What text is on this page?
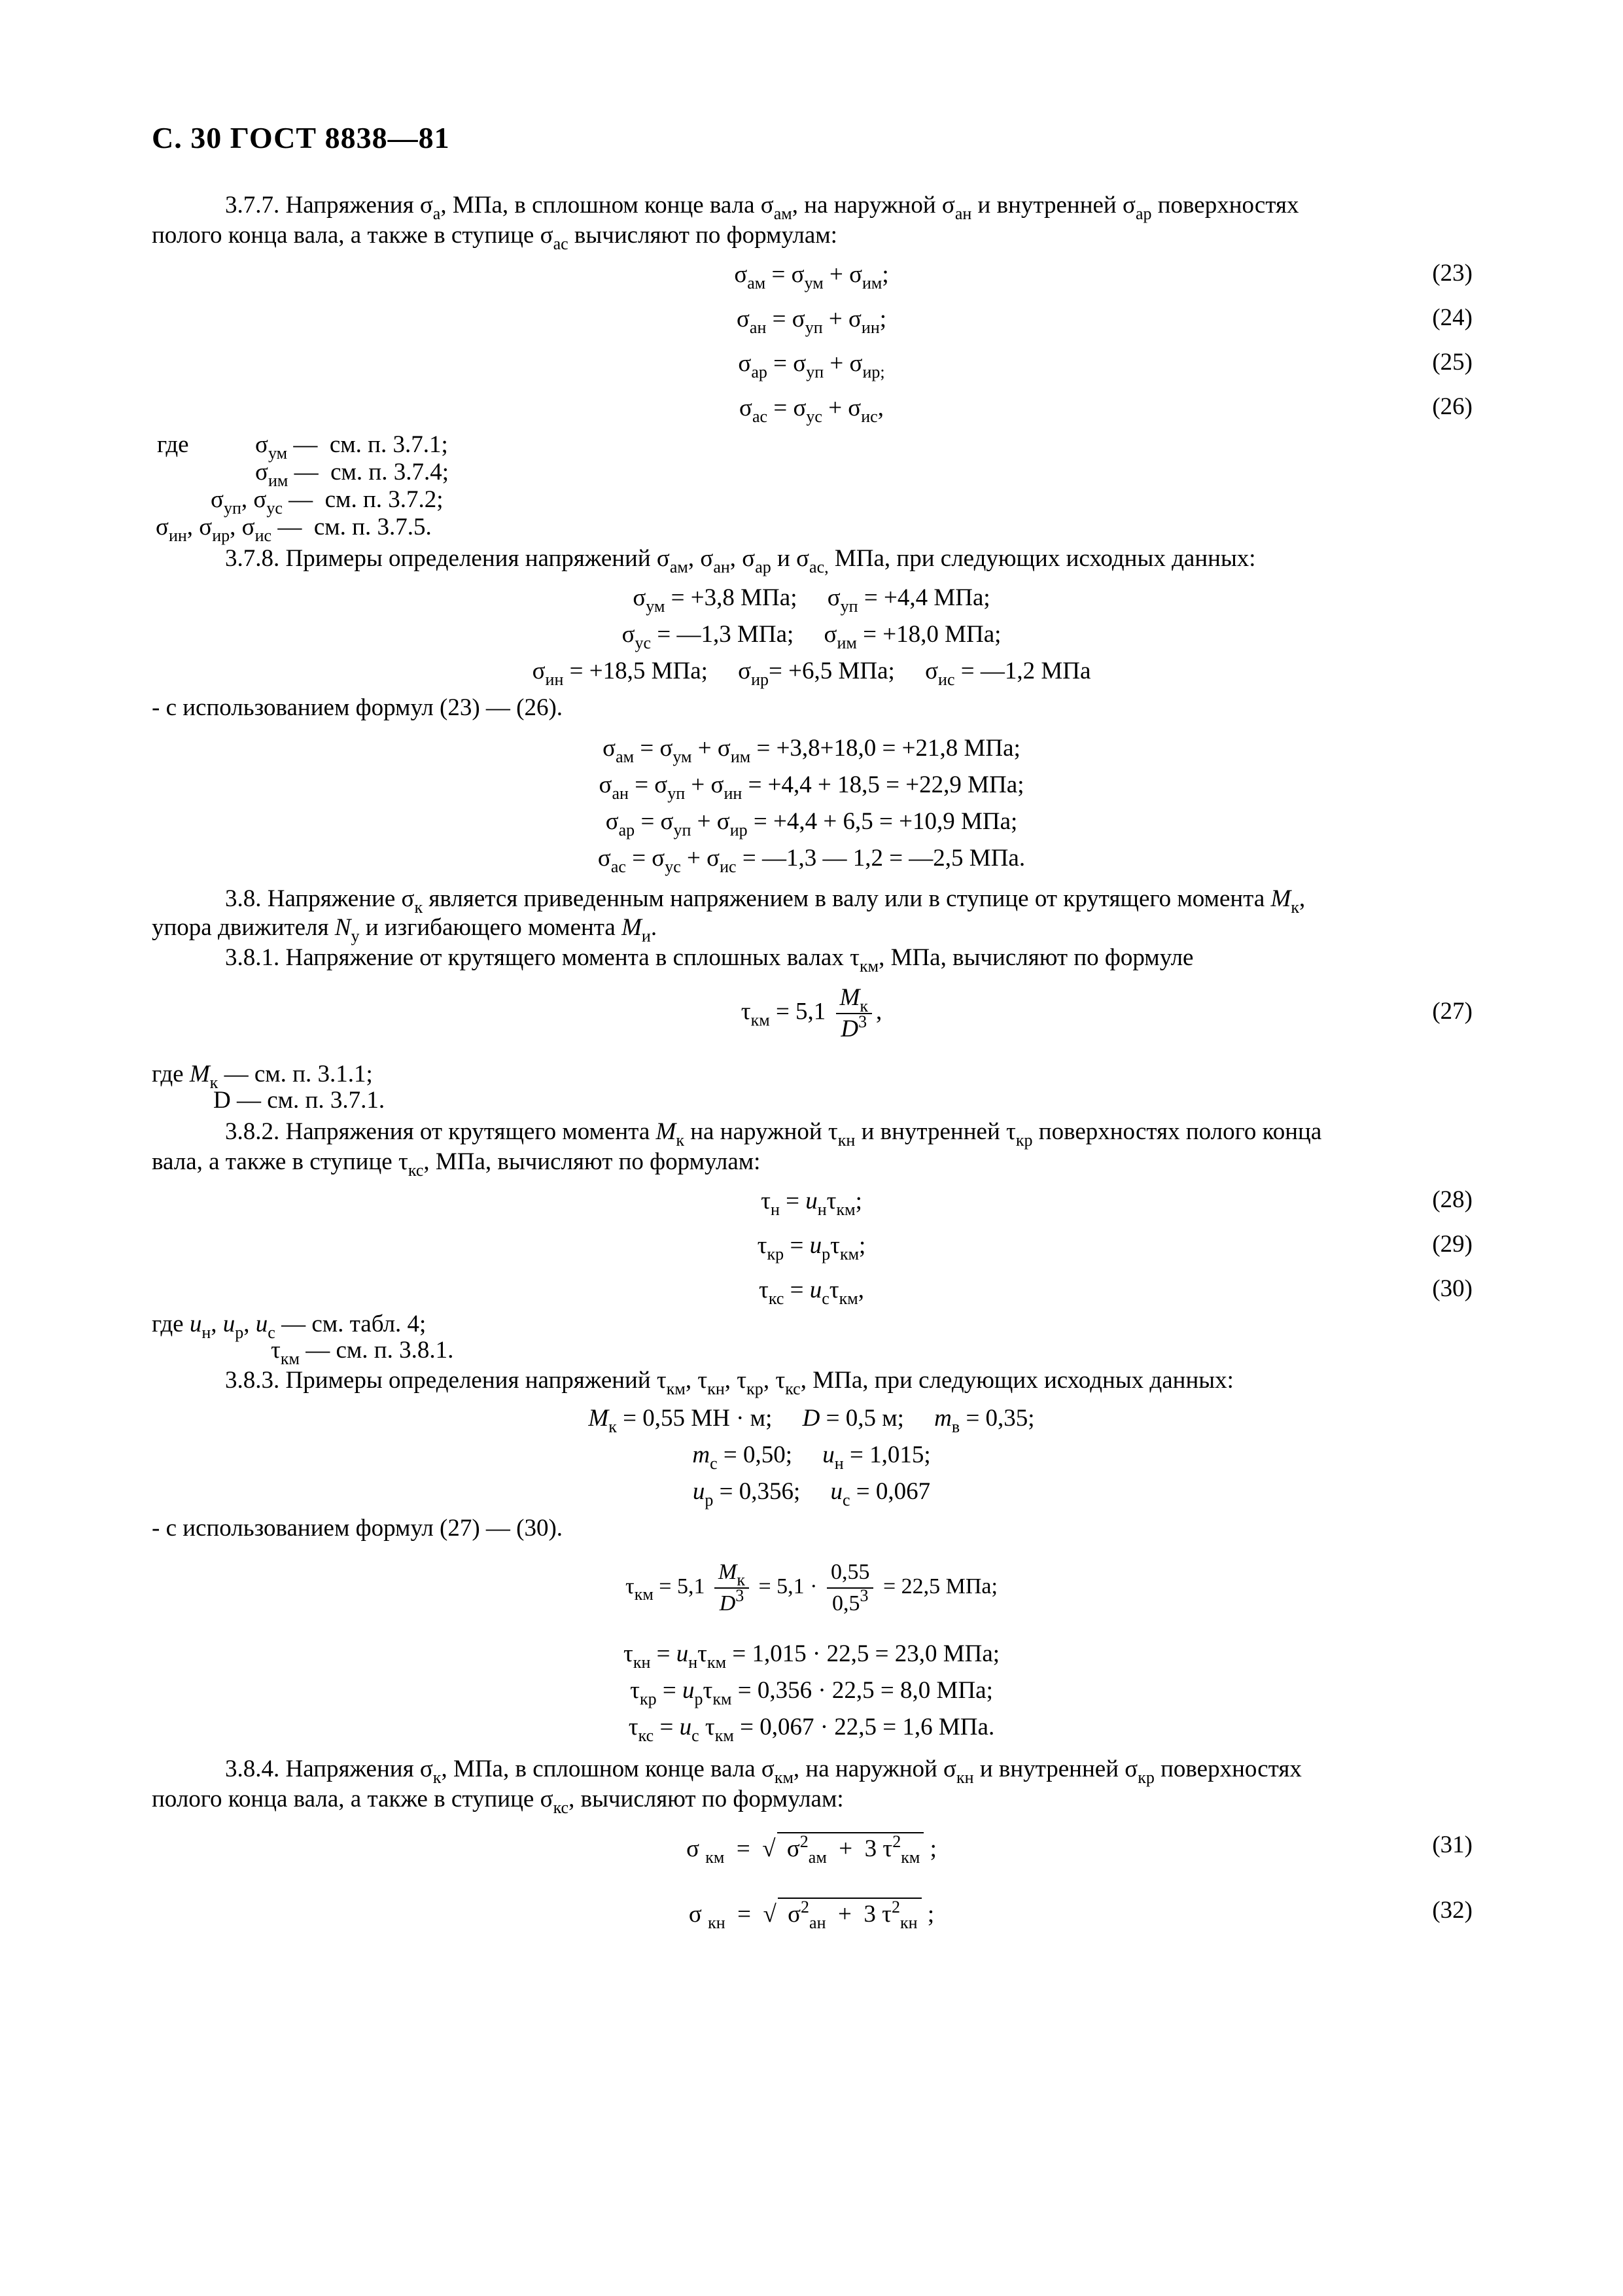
С. 30 ГОСТ 8838—81
3.7.7. Напряжения $\sigma_а$, МПа, в сплошном конце вала $\sigma_{ам}$, на наружной $\sigma_{ан}$ и внутренней $\sigma_{ар}$ поверхностях
полого конца вала, а также в ступице $\sigma_{ас}$ вычисляют по формулам:
$\sigma_{ам} = \sigma_{ум} + \sigma_{им}$;	(23)
$\sigma_{ан} = \sigma_{уп} + \sigma_{ин}$;	(24)
$\sigma_{ар} = \sigma_{уп} + \sigma_{ир;}$	(25)
$\sigma_{ас} = \sigma_{ус} + \sigma_{ис}$,	(26)
где	$\sigma_{ум}$ —  см. п. 3.7.1;
$\sigma_{им}$ —  см. п. 3.7.4;
$\sigma_{уп}$, $\sigma_{ус}$ —  см. п. 3.7.2;
$\sigma_{ин}$, $\sigma_{ир}$, $\sigma_{ис}$ —  см. п. 3.7.5.
3.7.8. Примеры определения напряжений $\sigma_{ам}$, $\sigma_{ан}$, $\sigma_{ар}$ и $\sigma_{ас,}$ МПа, при следующих исходных данных:
$\sigma_{ум} = +3,8$ МПа;     $\sigma_{уп} = +4,4$ МПа;
$\sigma_{ус}$ = —1,3 МПа;     $\sigma_{им} = +18,0$ МПа;
$\sigma_{ин} = +18,5$ МПа;     $\sigma_{ир}= +6,5$ МПа;     $\sigma_{ис}$ = —1,2 МПа
- с использованием формул (23) — (26).
$\sigma_{ам} = \sigma_{ум} + \sigma_{им} = +3,8+18,0 = +21,8$ МПа;
$\sigma_{ан} = \sigma_{уп} + \sigma_{ин} = +4,4 + 18,5 = +22,9$ МПа;
$\sigma_{ар} = \sigma_{уп} + \sigma_{ир} = +4,4 + 6,5 = +10,9$ МПа;
$\sigma_{ас} = \sigma_{ус} + \sigma_{ис}$ = —1,3 — 1,2 = —2,5 МПа.
3.8. Напряжение $\sigma_к$ является приведенным напряжением в валу или в ступице от крутящего момента $M_к$,
упора движителя $N_у$ и изгибающего момента $M_и$.
3.8.1. Напряжение от крутящего момента в сплошных валах $\tau_{км}$, МПа, вычисляют по формуле
$\tau_{км} = 5,1 \frac{M_к}{D^3}$ ,	(27)
где $M_к$ — см. п. 3.1.1;
D — см. п. 3.7.1.
3.8.2. Напряжения от крутящего момента $M_к$ на наружной $\tau_{кн}$ и внутренней $\tau_{кр}$ поверхностях полого конца
вала, а также в ступице $\tau_{кс}$, МПа, вычисляют по формулам:
$\tau_н = u_н\tau_{км}$;	(28)
$\tau_{кр} = u_р\tau_{км}$;	(29)
$\tau_{кс} = u_с\tau_{км}$,	(30)
где $u_н$, $u_р$, $u_с$ — см. табл. 4;
$\tau_{км}$ — см. п. 3.8.1.
3.8.3. Примеры определения напряжений $\tau_{км}$, $\tau_{кн}$, $\tau_{кр}$, $\tau_{кс}$, МПа, при следующих исходных данных:
$M_к = 0,55$ МН · м;     D = 0,5 м;     $m_в = 0,35$;
$m_с = 0,50$;     $u_н = 1,015$;
$u_р = 0,356$;     $u_с = 0,067$
- с использованием формул (27) — (30).
$\tau_{км} = 5,1 \frac{M_к}{D^3} = 5,1 \cdot \frac{0,55}{0,5^3} = 22,5$ МПа;
$\tau_{кн} = u_н\tau_{км} = 1,015 \cdot 22,5 = 23,0$ МПа;
$\tau_{кр} = u_р\tau_{км} = 0,356 \cdot 22,5 = 8,0$ МПа;
$\tau_{кс} = u_с$ $\tau_{км} = 0,067 \cdot 22,5 = 1,6$ МПа.
3.8.4. Напряжения $\sigma_к$, МПа, в сплошном конце вала $\sigma_{км}$, на наружной $\sigma_{кн}$ и внутренней $\sigma_{кр}$ поверхностях
полого конца вала, а также в ступице $\sigma_{кс}$, вычисляют по формулам:
σ $_{км}$  =  √ $\sigma^2_{ам} + 3$ $\tau^2_{км}$ ;	(31)
σ $_{кн}$  =  √ $\sigma^2_{ан} + 3$ $\tau^2_{кн}$ ;	(32)
